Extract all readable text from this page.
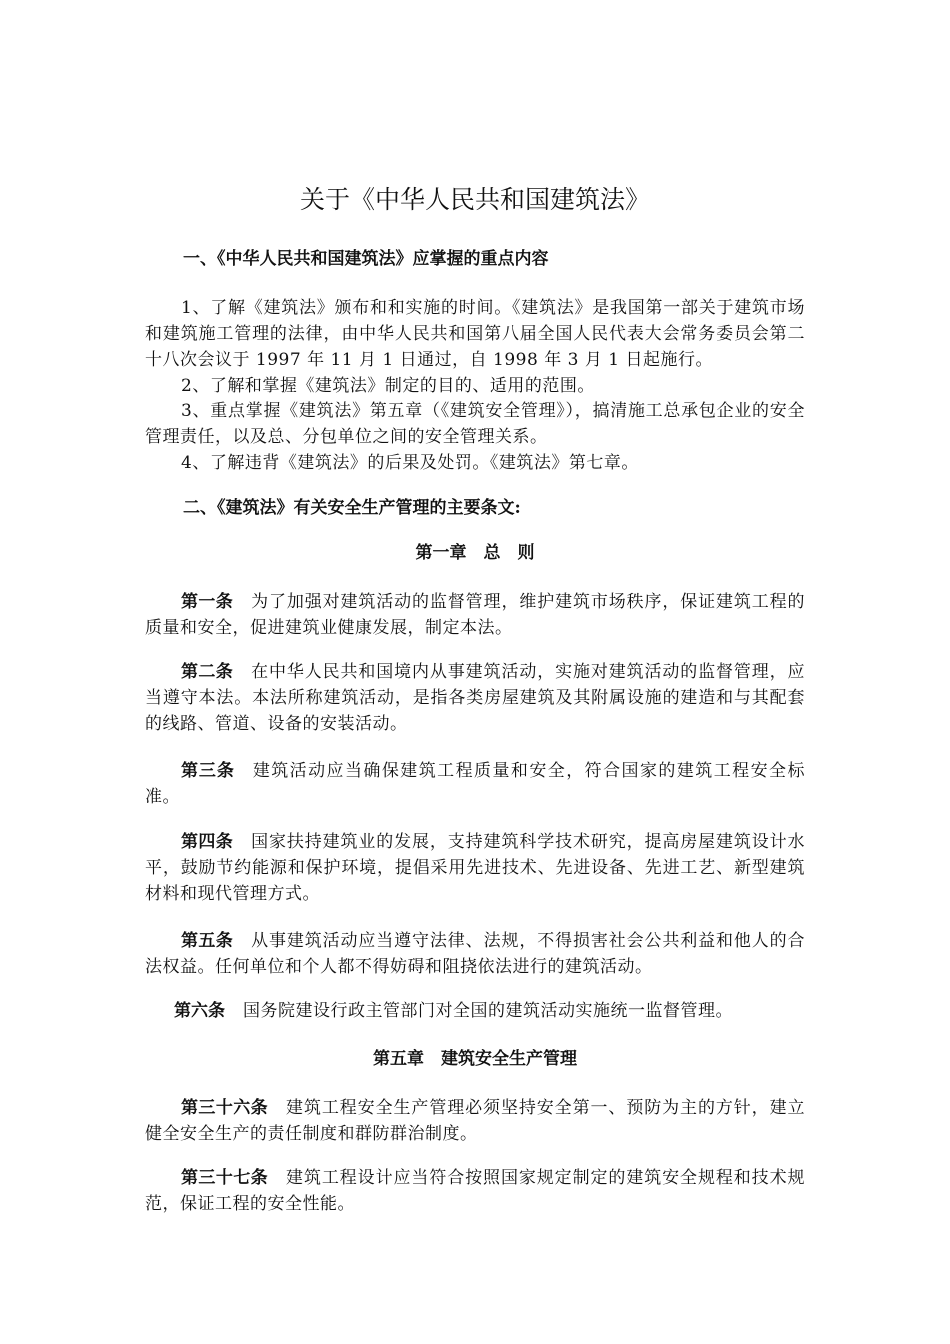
关于《中华人民共和国建筑法》
一、《中华人民共和国建筑法》应掌握的重点内容
1、了解《建筑法》颁布和和实施的时间。《建筑法》是我国第一部关于建筑市场和建筑施工管理的法律，由中华人民共和国第八届全国人民代表大会常务委员会第二十八次会议于 1997 年 11 月 1 日通过，自 1998 年 3 月 1 日起施行。
2、了解和掌握《建筑法》制定的目的、适用的范围。
3、重点掌握《建筑法》第五章（《建筑安全管理》），搞清施工总承包企业的安全管理责任，以及总、分包单位之间的安全管理关系。
4、了解违背《建筑法》的后果及处罚。《建筑法》第七章。
二、《建筑法》有关安全生产管理的主要条文:
第一章　总　则
第一条 为了加强对建筑活动的监督管理，维护建筑市场秩序，保证建筑工程的质量和安全，促进建筑业健康发展，制定本法。
第二条 在中华人民共和国境内从事建筑活动，实施对建筑活动的监督管理，应当遵守本法。本法所称建筑活动，是指各类房屋建筑及其附属设施的建造和与其配套的线路、管道、设备的安装活动。
第三条 建筑活动应当确保建筑工程质量和安全，符合国家的建筑工程安全标准。
第四条 国家扶持建筑业的发展，支持建筑科学技术研究，提高房屋建筑设计水平，鼓励节约能源和保护环境，提倡采用先进技术、先进设备、先进工艺、新型建筑材料和现代管理方式。
第五条 从事建筑活动应当遵守法律、法规，不得损害社会公共利益和他人的合法权益。任何单位和个人都不得妨碍和阻挠依法进行的建筑活动。
第六条 国务院建设行政主管部门对全国的建筑活动实施统一监督管理。
第五章　建筑安全生产管理
第三十六条 建筑工程安全生产管理必须坚持安全第一、预防为主的方针，建立健全安全生产的责任制度和群防群治制度。
第三十七条 建筑工程设计应当符合按照国家规定制定的建筑安全规程和技术规范，保证工程的安全性能。
